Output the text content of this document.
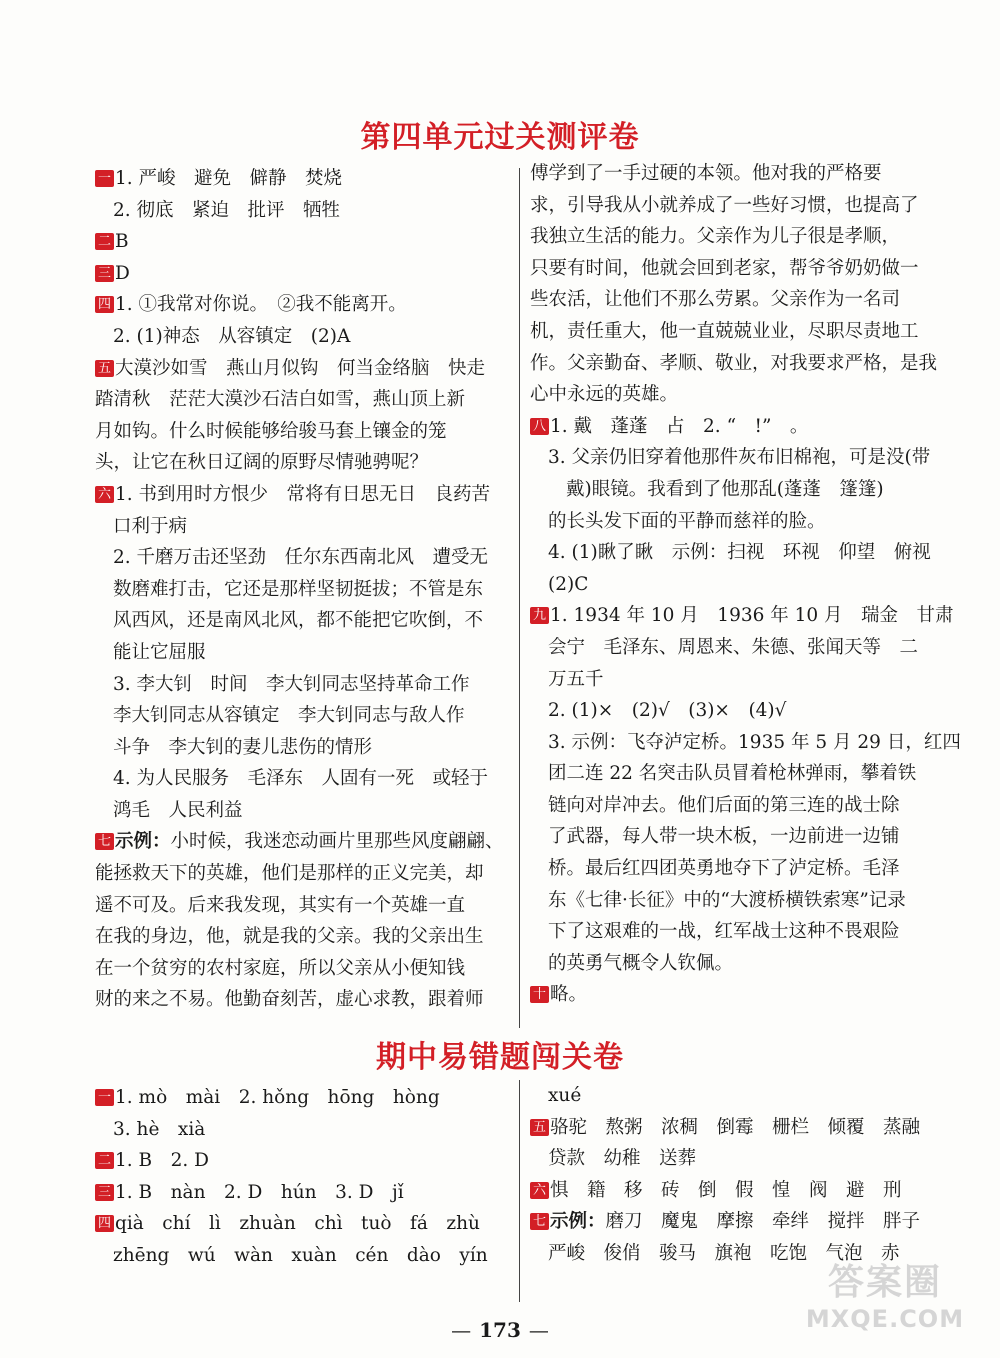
第四单元过关测评卷
一 1. 严峻　避免　僻静　焚烧
2. 彻底　紧迫　批评　牺牲
二 B
三 D
四 1. ①我常对你说。　②我不能离开。
2. (1)神态　从容镇定　(2)A
五 大漠沙如雪　燕山月似钩　何当金络脑　快走
踏清秋　茫茫大漠沙石洁白如雪，燕山顶上新
月如钩。什么时候能够给骏马套上镶金的笼
头，让它在秋日辽阔的原野尽情驰骋呢？
六 1. 书到用时方恨少　常将有日思无日　良药苦
口利于病
2. 千磨万击还坚劲　任尔东西南北风　遭受无
数磨难打击，它还是那样坚韧挺拔；不管是东
风西风，还是南风北风，都不能把它吹倒，不
能让它屈服
3. 李大钊　时间　李大钊同志坚持革命工作
李大钊同志从容镇定　李大钊同志与敌人作
斗争　李大钊的妻儿悲伤的情形
4. 为人民服务　毛泽东　人固有一死　或轻于
鸿毛　人民利益
七 示例：小时候，我迷恋动画片里那些风度翩翩、
能拯救天下的英雄，他们是那样的正义完美，却
遥不可及。后来我发现，其实有一个英雄一直
在我的身边，他，就是我的父亲。我的父亲出生
在一个贫穷的农村家庭，所以父亲从小便知钱
财的来之不易。他勤奋刻苦，虚心求教，跟着师
傅学到了一手过硬的本领。他对我的严格要
求，引导我从小就养成了一些好习惯，也提高了
我独立生活的能力。父亲作为儿子很是孝顺，
只要有时间，他就会回到老家，帮爷爷奶奶做一
些农活，让他们不那么劳累。父亲作为一名司
机，责任重大，他一直兢兢业业，尽职尽责地工
作。父亲勤奋、孝顺、敬业，对我要求严格，是我
心中永远的英雄。
八 1. 戴　蓬蓬　占　2. “　!”　。
3. 父亲仍旧穿着他那件灰布旧棉袍，可是没(带
戴)眼镜。我看到了他那乱(蓬蓬　篷篷)
的长头发下面的平静而慈祥的脸。
4. (1)瞅了瞅　示例：扫视　环视　仰望　俯视
(2)C
九 1. 1934 年 10 月　1936 年 10 月　瑞金　甘肃
会宁　毛泽东、周恩来、朱德、张闻天等　二
万五千
2. (1)×　(2)√　(3)×　(4)√
3. 示例：飞夺泸定桥。1935 年 5 月 29 日，红四
团二连 22 名突击队员冒着枪林弹雨，攀着铁
链向对岸冲去。他们后面的第三连的战士除
了武器，每人带一块木板，一边前进一边铺
桥。最后红四团英勇地夺下了泸定桥。毛泽
东《七律·长征》中的“大渡桥横铁索寒”记录
下了这艰难的一战，红军战士这种不畏艰险
的英勇气概令人钦佩。
十 略。
期中易错题闯关卷
一 1. mò　mài　2. hǒng　hōng　hòng
3. hè　xià
二 1. B　2. D
三 1. B　nàn　2. D　hún　3. D　jǐ
四 qià　chí　lì　zhuàn　chì　tuò　fá　zhù
zhēng　wú　wàn　xuàn　cén　dào　yín
xué
五 骆驼　熬粥　浓稠　倒霉　栅栏　倾覆　蒸融
贷款　幼稚　送葬
六 惧　籍　移　砖　倒　假　惶　阀　避　刑
七 示例：磨刀　魔鬼　摩擦　牵绊　搅拌　胖子
严峻　俊俏　骏马　旗袍　吃饱　气泡　赤
— 173 —
答案圈
MXQE.COM
